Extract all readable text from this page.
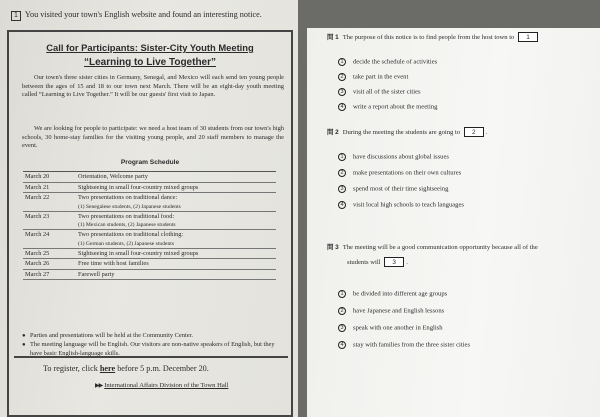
1 You visited your town's English website and found an interesting notice.
Call for Participants: Sister-City Youth Meeting
“Learning to Live Together”

Our town's three sister cities in Germany, Senegal, and Mexico will each send ten young people between the ages of 15 and 18 to our town next March. There will be an eight-day youth meeting called “Learning to Live Together.” It will be our guests' first visit to Japan.

We are looking for people to participate: we need a host team of 30 students from our town's high schools, 30 home-stay families for the visiting young people, and 20 staff members to manage the event.

Program Schedule
March 20	Orientation, Welcome party
March 21	Sightseeing in small four-country mixed groups
March 22	Two presentations on traditional dance:
(1) Senegalese students, (2) Japanese students
March 23	Two presentations on traditional food:
(1) Mexican students, (2) Japanese students
March 24	Two presentations on traditional clothing:
(1) German students, (2) Japanese students
March 25	Sightseeing in small four-country mixed groups
March 26	Free time with host families
March 27	Farewell party
● Parties and presentations will be held at the Community Center.
● The meeting language will be English. Our visitors are non-native speakers of English, but they have basic English-language skills.
To register, click here before 5 p.m. December 20.
▶▶ International Affairs Division of the Town Hall
問 1 The purpose of this notice is to find people from the host town to 1
1 decide the schedule of activities
2 take part in the event
3 visit all of the sister cities
4 write a report about the meeting
問 2 During the meeting the students are going to 2 .
1 have discussions about global issues
2 make presentations on their own cultures
3 spend most of their time sightseeing
4 visit local high schools to teach languages
問 3 The meeting will be a good communication opportunity because all of the
students will 3 .
1 be divided into different age groups
2 have Japanese and English lessons
3 speak with one another in English
4 stay with families from the three sister cities
